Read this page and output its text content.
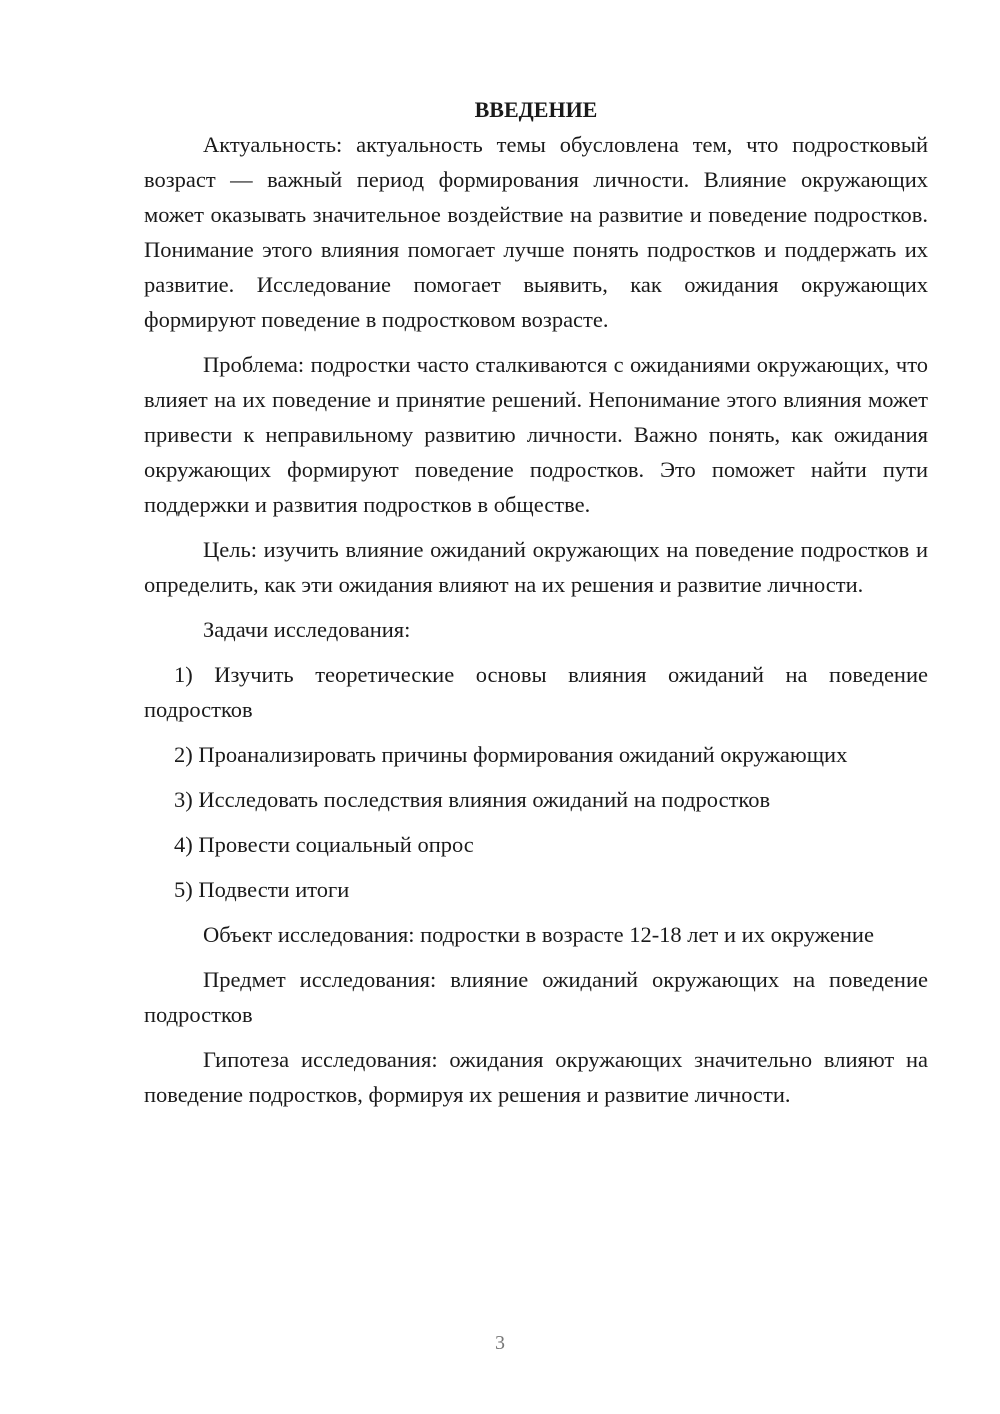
ВВЕДЕНИЕ

Актуальность: актуальность темы обусловлена тем, что подростковый возраст — важный период формирования личности. Влияние окружающих может оказывать значительное воздействие на развитие и поведение подростков. Понимание этого влияния помогает лучше понять подростков и поддержать их развитие. Исследование помогает выявить, как ожидания окружающих формируют поведение в подростковом возрасте.

Проблема: подростки часто сталкиваются с ожиданиями окружающих, что влияет на их поведение и принятие решений. Непонимание этого влияния может привести к неправильному развитию личности. Важно понять, как ожидания окружающих формируют поведение подростков. Это поможет найти пути поддержки и развития подростков в обществе.

Цель: изучить влияние ожиданий окружающих на поведение подростков и определить, как эти ожидания влияют на их решения и развитие личности.

Задачи исследования:

1) Изучить теоретические основы влияния ожиданий на поведение подростков

2) Проанализировать причины формирования ожиданий окружающих

3) Исследовать последствия влияния ожиданий на подростков

4) Провести социальный опрос

5) Подвести итоги

Объект исследования: подростки в возрасте 12-18 лет и их окружение

Предмет исследования: влияние ожиданий окружающих на поведение подростков

Гипотеза исследования: ожидания окружающих значительно влияют на поведение подростков, формируя их решения и развитие личности.

3
